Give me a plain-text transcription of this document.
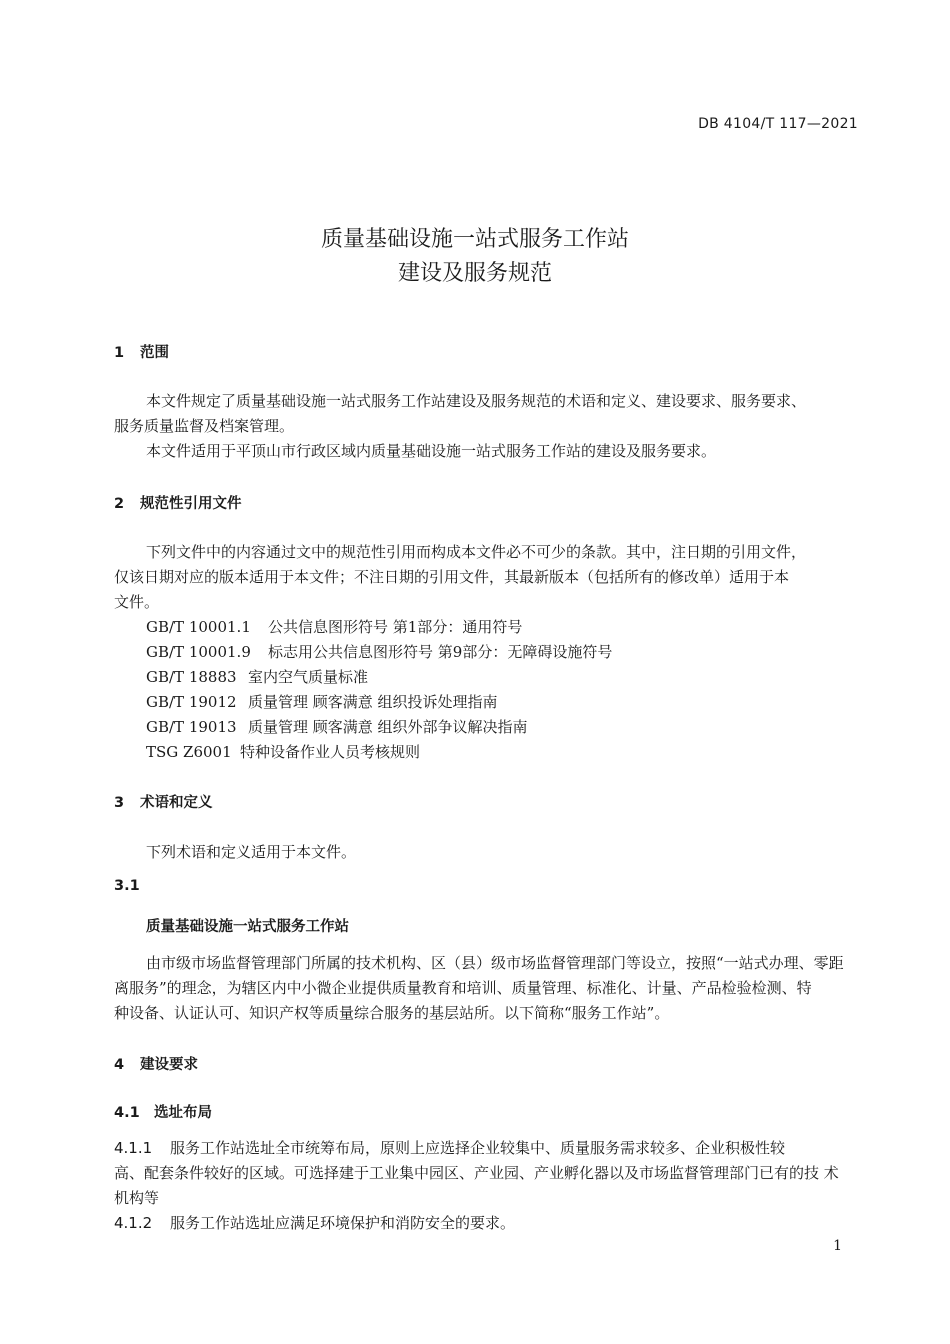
DB 4104/T 117—2021
质量基础设施一站式服务工作站
建设及服务规范
1 范围
本文件规定了质量基础设施一站式服务工作站建设及服务规范的术语和定义、建设要求、服务要求、
服务质量监督及档案管理。
本文件适用于平顶山市行政区域内质量基础设施一站式服务工作站的建设及服务要求。
2 规范性引用文件
下列文件中的内容通过文中的规范性引用而构成本文件必不可少的条款。其中，注日期的引用文件，
仅该日期对应的版本适用于本文件；不注日期的引用文件，其最新版本（包括所有的修改单）适用于本
文件。
GB/T 10001.1 公共信息图形符号 第1部分：通用符号
GB/T 10001.9 标志用公共信息图形符号 第9部分：无障碍设施符号
GB/T 18883 室内空气质量标准
GB/T 19012 质量管理 顾客满意 组织投诉处理指南
GB/T 19013 质量管理 顾客满意 组织外部争议解决指南
TSG Z6001 特种设备作业人员考核规则
3 术语和定义
下列术语和定义适用于本文件。
3.1
质量基础设施一站式服务工作站
由市级市场监督管理部门所属的技术机构、区（县）级市场监督管理部门等设立，按照“一站式办理、零距
离服务”的理念，为辖区内中小微企业提供质量教育和培训、质量管理、标准化、计量、产品检验检测、特
种设备、认证认可、知识产权等质量综合服务的基层站所。以下简称“服务工作站”。
4 建设要求
4.1 选址布局
4.1.1 服务工作站选址全市统筹布局，原则上应选择企业较集中、质量服务需求较多、企业积极性较
高、配套条件较好的区域。可选择建于工业集中园区、产业园、产业孵化器以及市场监督管理部门已有的技 术
机构等
4.1.2 服务工作站选址应满足环境保护和消防安全的要求。
1
